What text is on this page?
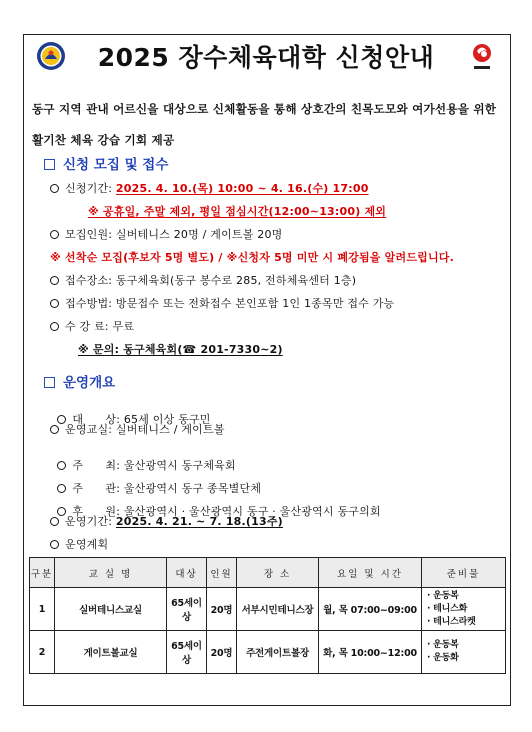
2025 장수체육대학 신청안내
동구 지역 관내 어르신을 대상으로 신체활동을 통해 상호간의 친목도모와 여가선용을 위한 활기찬 체육 강습 기회 제공
신청 모집 및 접수
신청기간: 2025. 4. 10.(목) 10:00 ~ 4. 16.(수) 17:00
※ 공휴일, 주말 제외, 평일 점심시간(12:00~13:00) 제외
모집인원: 실버테니스 20명 / 게이트볼 20명
※ 선착순 모집(후보자 5명 별도) / ※신청자 5명 미만 시 폐강됨을 알려드립니다.
접수장소: 동구체육회(동구 봉수로 285, 전하체육센터 1층)
접수방법: 방문접수 또는 전화접수 본인포함 1인 1종목만 접수 가능
수 강 료: 무료
※ 문의: 동구체육회(☎ 201-7330~2)
운영개요

대      상: 65세 이상 동구민

운영교실: 실버테니스 / 게이트볼

주      최: 울산광역시 동구체육회

주      관: 울산광역시 동구 종목별단체

후      원: 울산광역시 · 울산광역시 동구 · 울산광역시 동구의회

운영기간: 2025. 4. 21. ~ 7. 18.(13주)
운영계획
구분	교 실 명	대상	인원	장 소	요일 및 시간	준비물
1	실버테니스교실	65세이상	20명	서부시민테니스장	월, 목 07:00~09:00	· 운동복
· 테니스화
· 테니스라켓

2	게이트볼교실	65세이상	20명	주전게이트볼장	화, 목 10:00~12:00	· 운동복
· 운동화
